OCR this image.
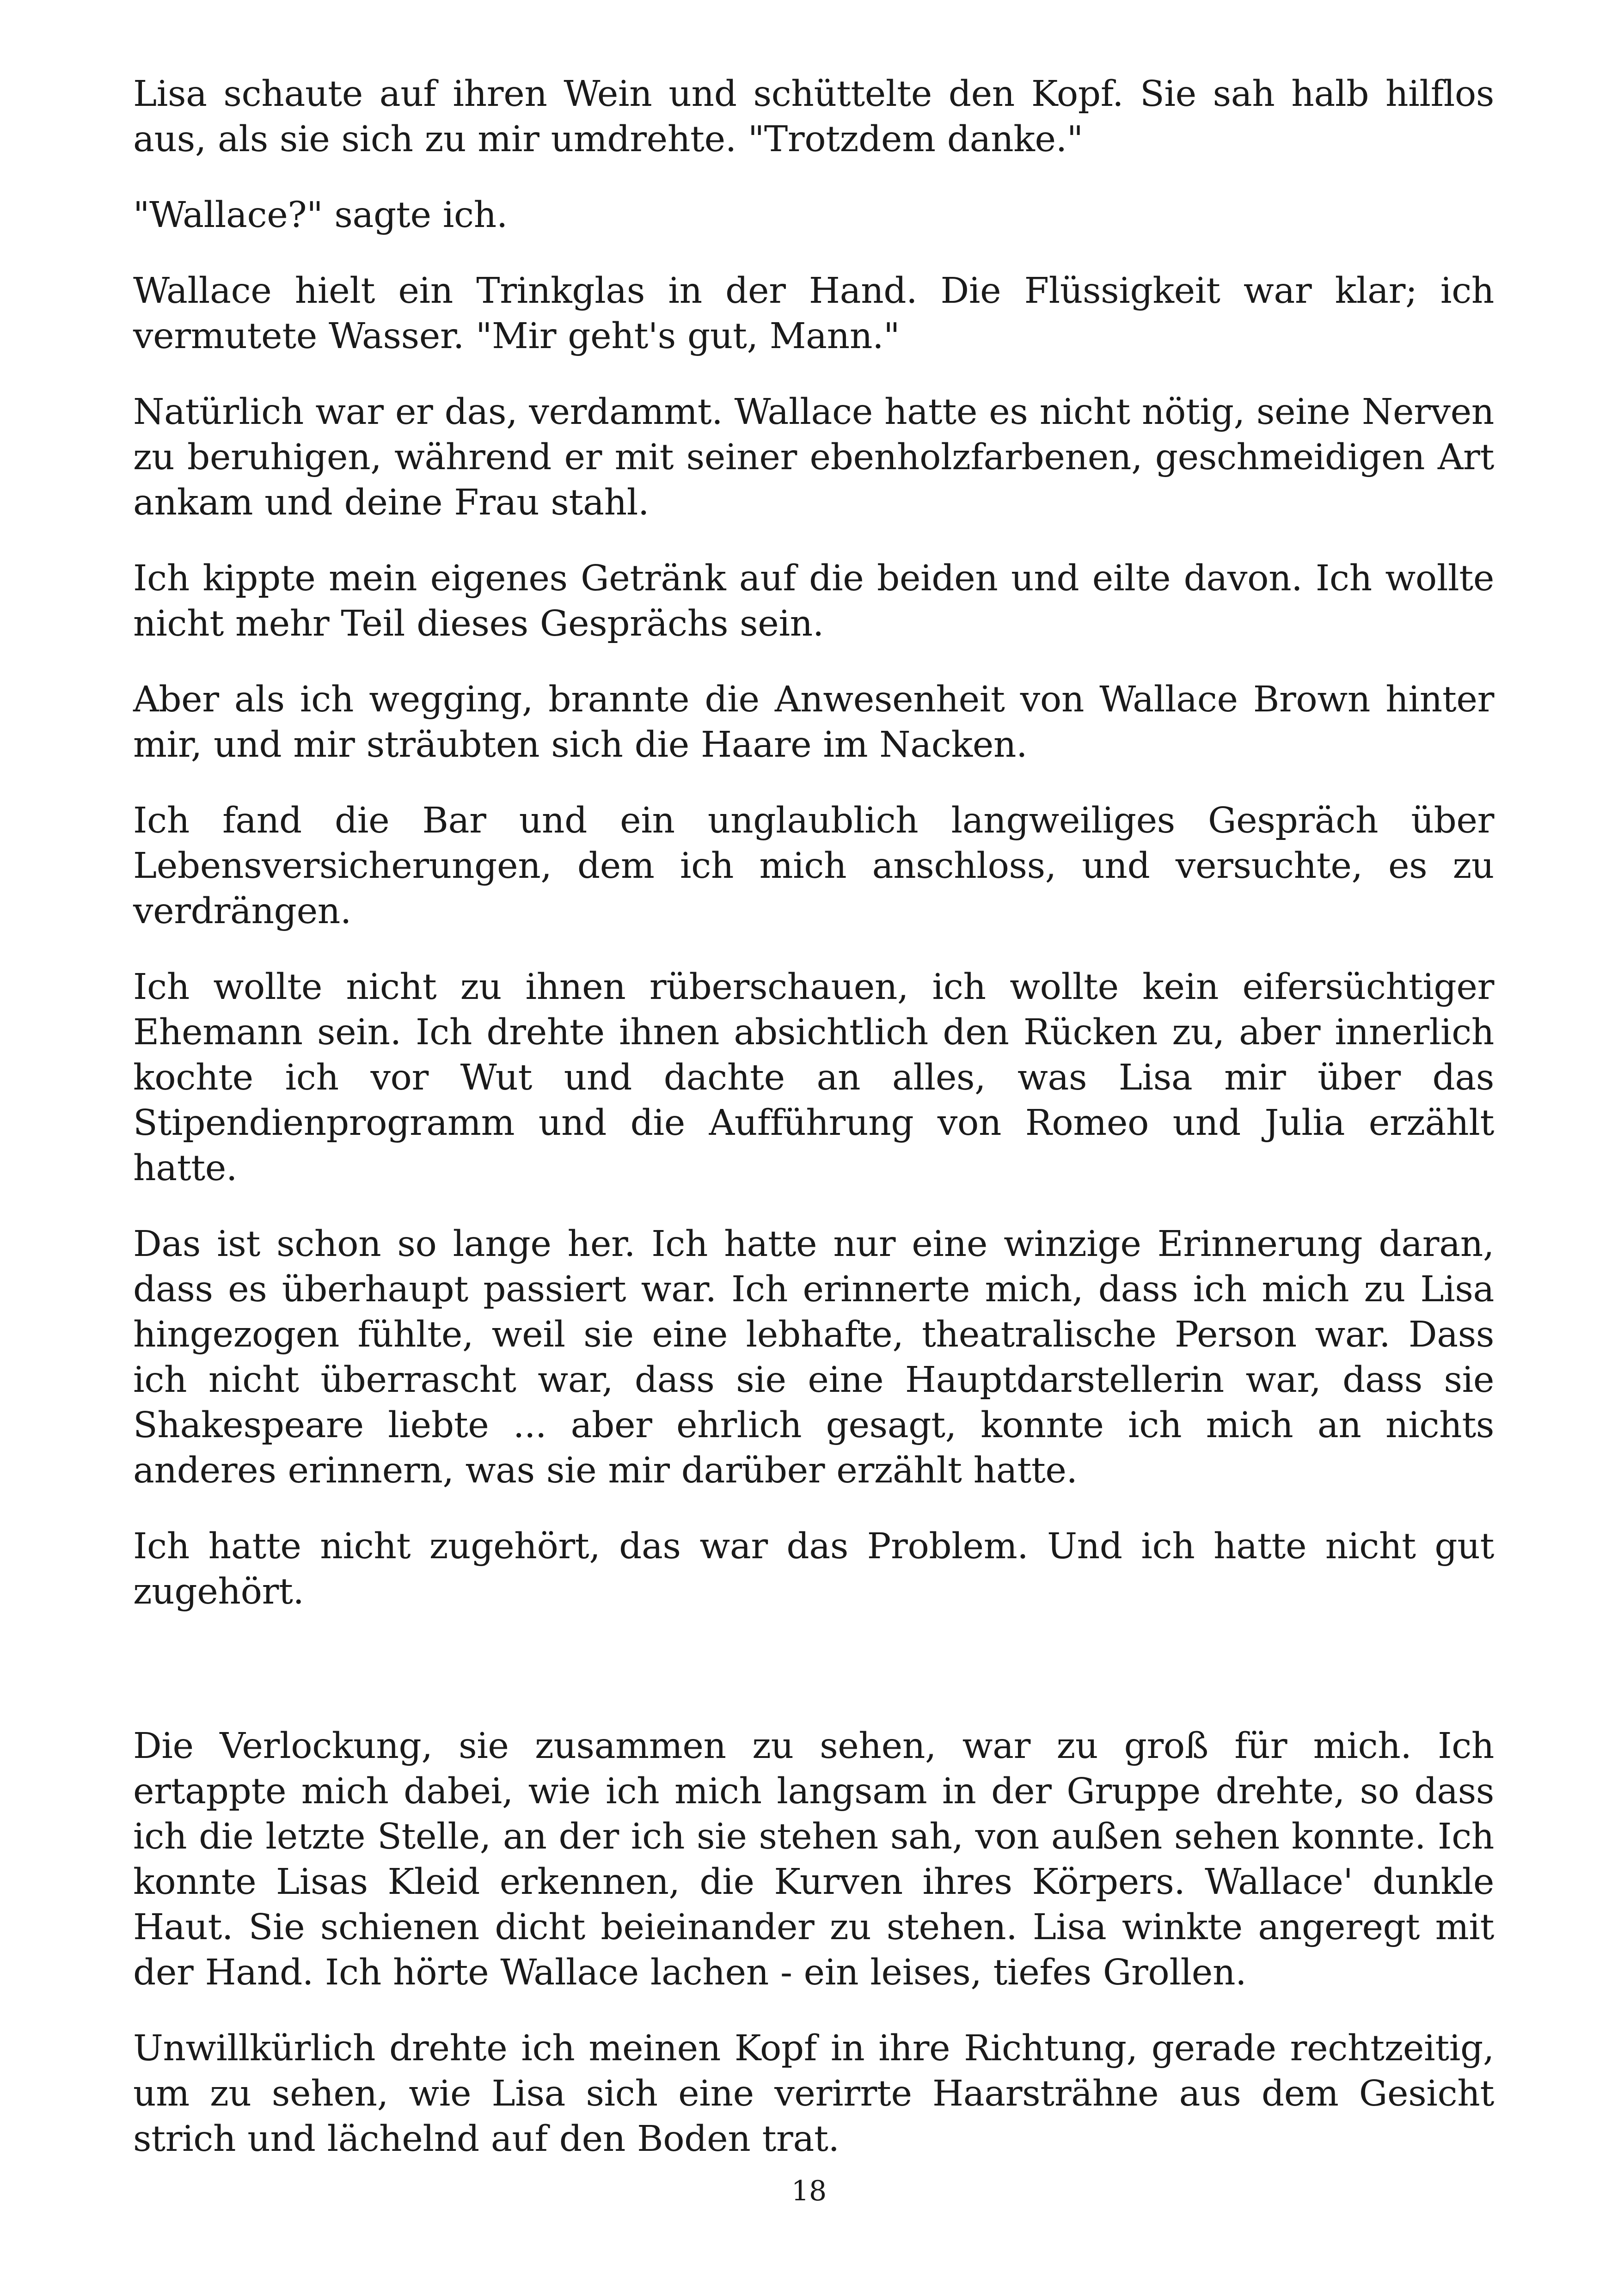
Lisa schaute auf ihren Wein und schüttelte den Kopf. Sie sah halb hilflos aus, als sie sich zu mir umdrehte. "Trotzdem danke."

"Wallace?" sagte ich.

Wallace hielt ein Trinkglas in der Hand. Die Flüssigkeit war klar; ich vermutete Wasser. "Mir geht's gut, Mann."

Natürlich war er das, verdammt. Wallace hatte es nicht nötig, seine Nerven zu beruhigen, während er mit seiner ebenholzfarbenen, geschmeidigen Art ankam und deine Frau stahl.

Ich kippte mein eigenes Getränk auf die beiden und eilte davon. Ich wollte nicht mehr Teil dieses Gesprächs sein.

Aber als ich wegging, brannte die Anwesenheit von Wallace Brown hinter mir, und mir sträubten sich die Haare im Nacken.

Ich fand die Bar und ein unglaublich langweiliges Gespräch über Lebensversicherungen, dem ich mich anschloss, und versuchte, es zu verdrängen.

Ich wollte nicht zu ihnen rüberschauen, ich wollte kein eifersüchtiger Ehemann sein. Ich drehte ihnen absichtlich den Rücken zu, aber innerlich kochte ich vor Wut und dachte an alles, was Lisa mir über das Stipendienprogramm und die Aufführung von Romeo und Julia erzählt hatte.

Das ist schon so lange her. Ich hatte nur eine winzige Erinnerung daran, dass es überhaupt passiert war. Ich erinnerte mich, dass ich mich zu Lisa hingezogen fühlte, weil sie eine lebhafte, theatralische Person war. Dass ich nicht überrascht war, dass sie eine Hauptdarstellerin war, dass sie Shakespeare liebte ... aber ehrlich gesagt, konnte ich mich an nichts anderes erinnern, was sie mir darüber erzählt hatte.

Ich hatte nicht zugehört, das war das Problem. Und ich hatte nicht gut zugehört.

Die Verlockung, sie zusammen zu sehen, war zu groß für mich. Ich ertappte mich dabei, wie ich mich langsam in der Gruppe drehte, so dass ich die letzte Stelle, an der ich sie stehen sah, von außen sehen konnte. Ich konnte Lisas Kleid erkennen, die Kurven ihres Körpers. Wallace' dunkle Haut. Sie schienen dicht beieinander zu stehen. Lisa winkte angeregt mit der Hand. Ich hörte Wallace lachen - ein leises, tiefes Grollen.

Unwillkürlich drehte ich meinen Kopf in ihre Richtung, gerade rechtzeitig, um zu sehen, wie Lisa sich eine verirrte Haarsträhne aus dem Gesicht strich und lächelnd auf den Boden trat.

18
